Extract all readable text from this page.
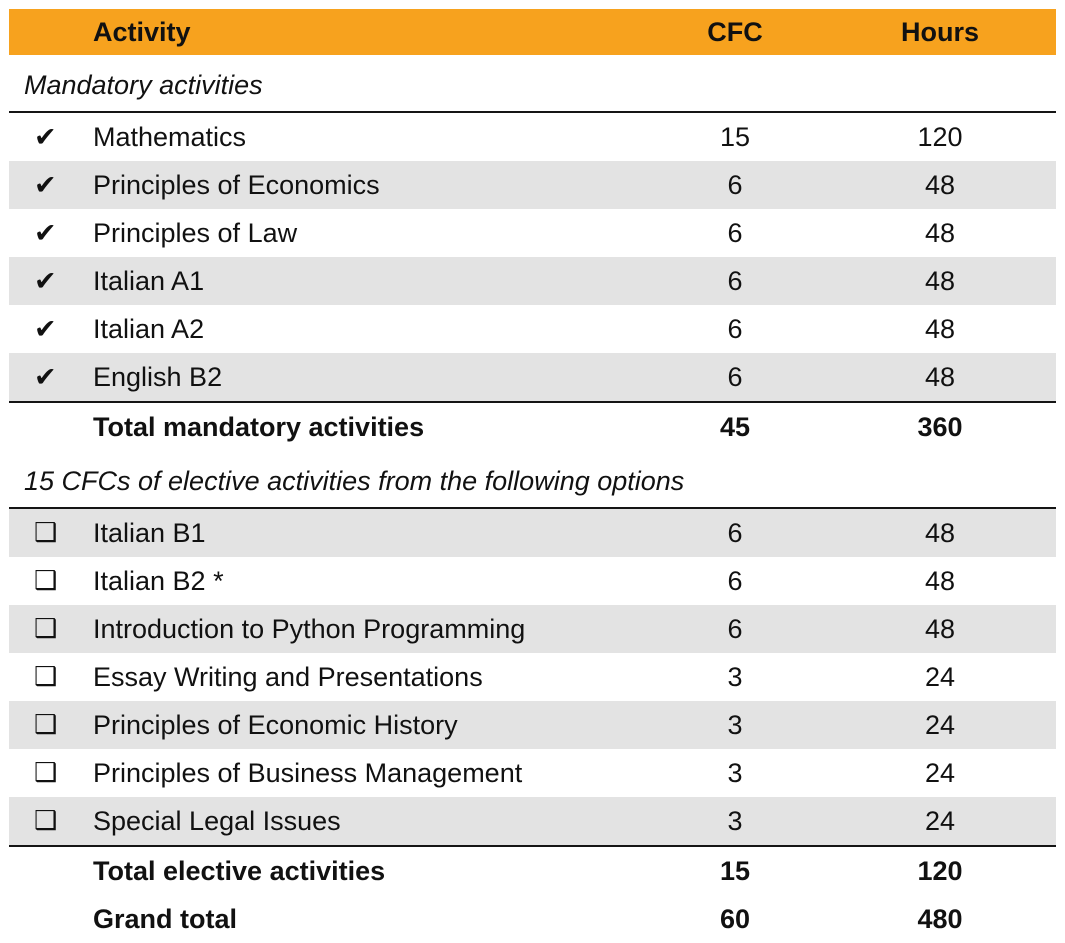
Activity	CFC	Hours
Mandatory activities
✔	Mathematics	15	120
✔	Principles of Economics	6	48
✔	Principles of Law	6	48
✔	Italian A1	6	48
✔	Italian A2	6	48
✔	English B2	6	48
Total mandatory activities	45	360
15 CFCs of elective activities from the following options
❑	Italian B1	6	48
❑	Italian B2 *	6	48
❑	Introduction to Python Programming	6	48
❑	Essay Writing and Presentations	3	24
❑	Principles of Economic History	3	24
❑	Principles of Business Management	3	24
❑	Special Legal Issues	3	24
Total elective activities	15	120
Grand total	60	480
